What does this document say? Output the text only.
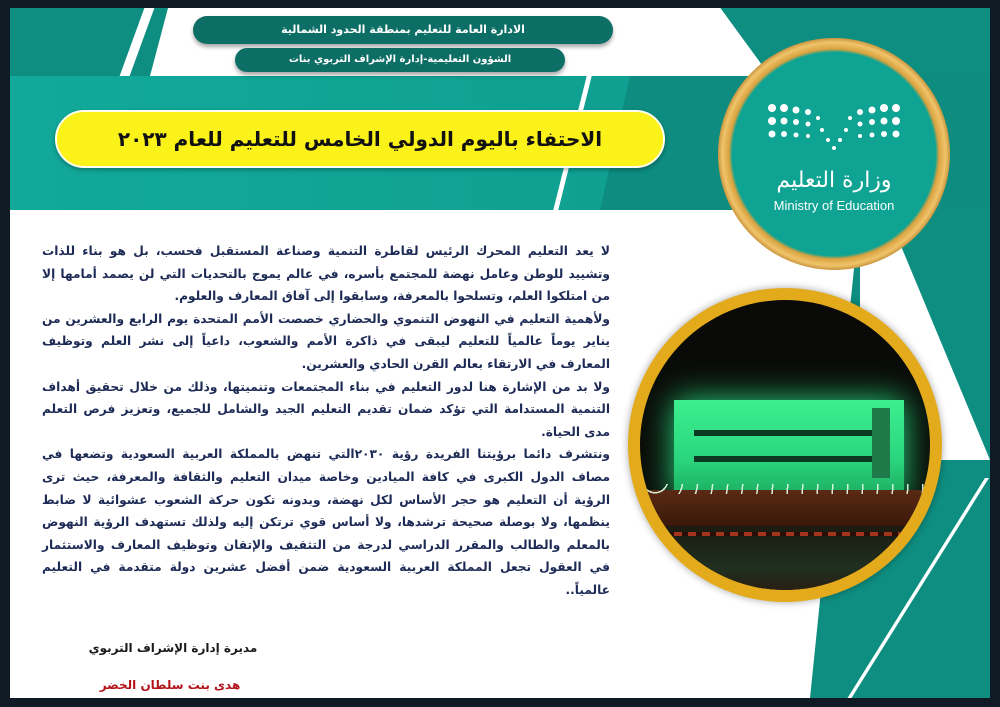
الادارة العامة للتعليم بمنطقة الحدود الشمالية
الشؤون التعليمية-إدارة الإشراف التربوي بنات
الاحتفاء باليوم الدولي الخامس للتعليم للعام ٢٠٢٣
وزارة التعليم
Ministry of Education

لا يعد التعليم المحرك الرئيس لقاطرة التنمية وصناعة المستقبل فحسب، بل هو بناء للذات وتشييد للوطن وعامل نهضة للمجتمع بأسره، في عالم يموج بالتحديات التي لن يصمد أمامها إلا من امتلكوا العلم، وتسلحوا بالمعرفة، وسابقوا إلى آفاق المعارف والعلوم.

ولأهمية التعليم في النهوض التنموي والحضاري خصصت الأمم المتحدة يوم الرابع والعشرين من يناير يوماً عالمياً للتعليم ليبقى في ذاكرة الأمم والشعوب، داعياً إلى نشر العلم وتوظيف المعارف في الارتقاء بعالم القرن الحادي والعشرين.

ولا بد من الإشارة هنا لدور التعليم في بناء المجتمعات وتنميتها، وذلك من خلال تحقيق أهداف التنمية المستدامة التي تؤكد ضمان تقديم التعليم الجيد والشامل للجميع، وتعزيز فرص التعلم مدى الحياة.

ونتشرف دائما برؤيتنا الفريدة رؤية ٢٠٣٠التي تنهض بالمملكة العربية السعودية وتضعها في مصاف الدول الكبرى في كافة الميادين وخاصة ميدان التعليم والثقافة والمعرفة، حيث ترى الرؤية أن التعليم هو حجر الأساس لكل نهضة، وبدونه تكون حركة الشعوب عشوائية لا ضابط ينظمها، ولا بوصلة صحيحة ترشدها، ولا أساس قوي ترتكن إليه ولذلك تستهدف الرؤية النهوض بالمعلم والطالب والمقرر الدراسي لدرجة من التثقيف والإتقان وتوظيف المعارف والاستثمار في العقول تجعل المملكة العربية السعودية ضمن أفضل عشرين دولة متقدمة في التعليم عالمياً..

مديرة إدارة الإشراف التربوي
هدى بنت سلطان الخضر
